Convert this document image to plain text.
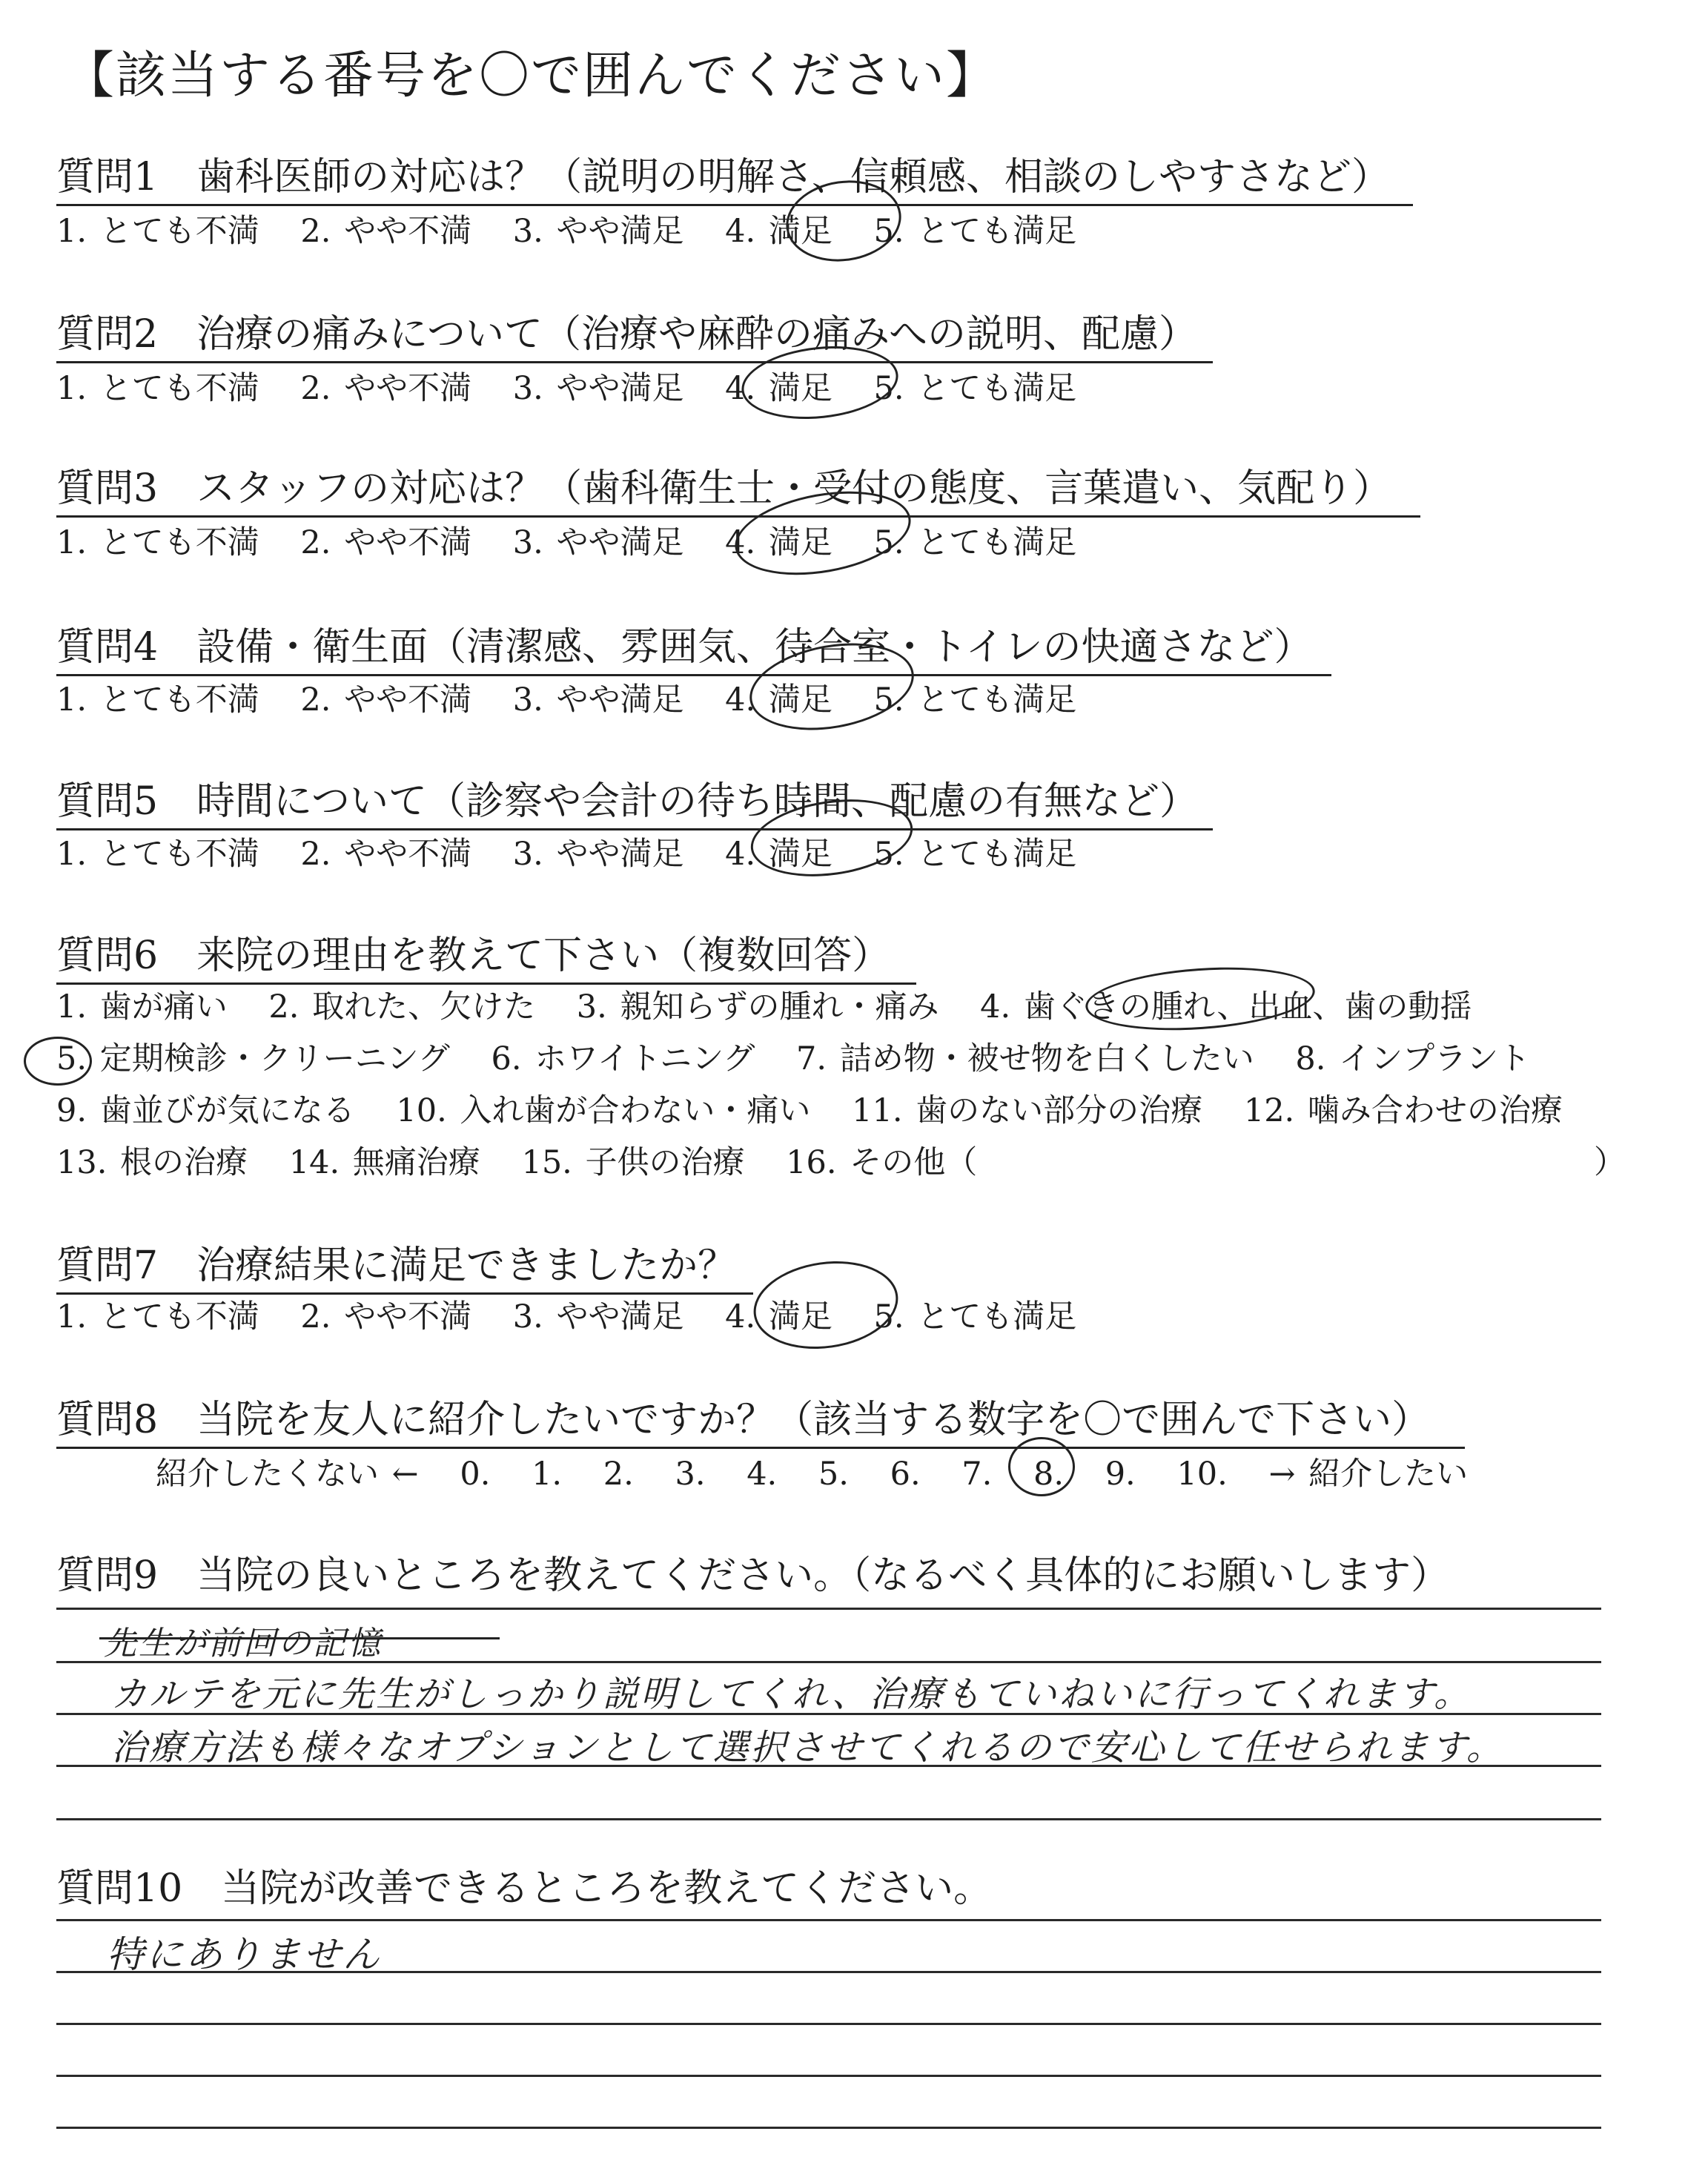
【該当する番号を〇で囲んでください】
質問1　歯科医師の対応は？（説明の明解さ、信頼感、相談のしやすさなど）
1. とても不満 2. やや不満 3. やや満足 4. 満足 5. とても満足
質問2　治療の痛みについて（治療や麻酔の痛みへの説明、配慮）
1. とても不満 2. やや不満 3. やや満足 4. 満足 5. とても満足
質問3　スタッフの対応は？（歯科衛生士・受付の態度、言葉遣い、気配り）
1. とても不満 2. やや不満 3. やや満足 4. 満足 5. とても満足
質問4　設備・衛生面（清潔感、雰囲気、待合室・トイレの快適さなど）
1. とても不満 2. やや不満 3. やや満足 4. 満足 5. とても満足
質問5　時間について（診察や会計の待ち時間、配慮の有無など）
1. とても不満 2. やや不満 3. やや満足 4. 満足 5. とても満足
質問6　来院の理由を教えて下さい（複数回答）
1. 歯が痛い 2. 取れた、欠けた 3. 親知らずの腫れ・痛み 4. 歯ぐきの腫れ、出血、歯の動揺
5. 定期検診・クリーニング 6. ホワイトニング 7. 詰め物・被せ物を白くしたい 8. インプラント
9. 歯並びが気になる 10. 入れ歯が合わない・痛い 11. 歯のない部分の治療 12. 噛み合わせの治療
13. 根の治療 14. 無痛治療 15. 子供の治療 16. その他（	）
質問7　治療結果に満足できましたか？
1. とても不満 2. やや不満 3. やや満足 4. 満足 5. とても満足
質問8　当院を友人に紹介したいですか？（該当する数字を〇で囲んで下さい）
紹介したくない ← 0. 1. 2. 3. 4. 5. 6. 7. 8. 9. 10. → 紹介したい
質問9　当院の良いところを教えてください。（なるべく具体的にお願いします）
先生が前回の記憶
カルテを元に先生がしっかり説明してくれ、治療もていねいに行ってくれます。
治療方法も様々なオプションとして選択させてくれるので安心して任せられます。
質問10　当院が改善できるところを教えてください。
特にありません
